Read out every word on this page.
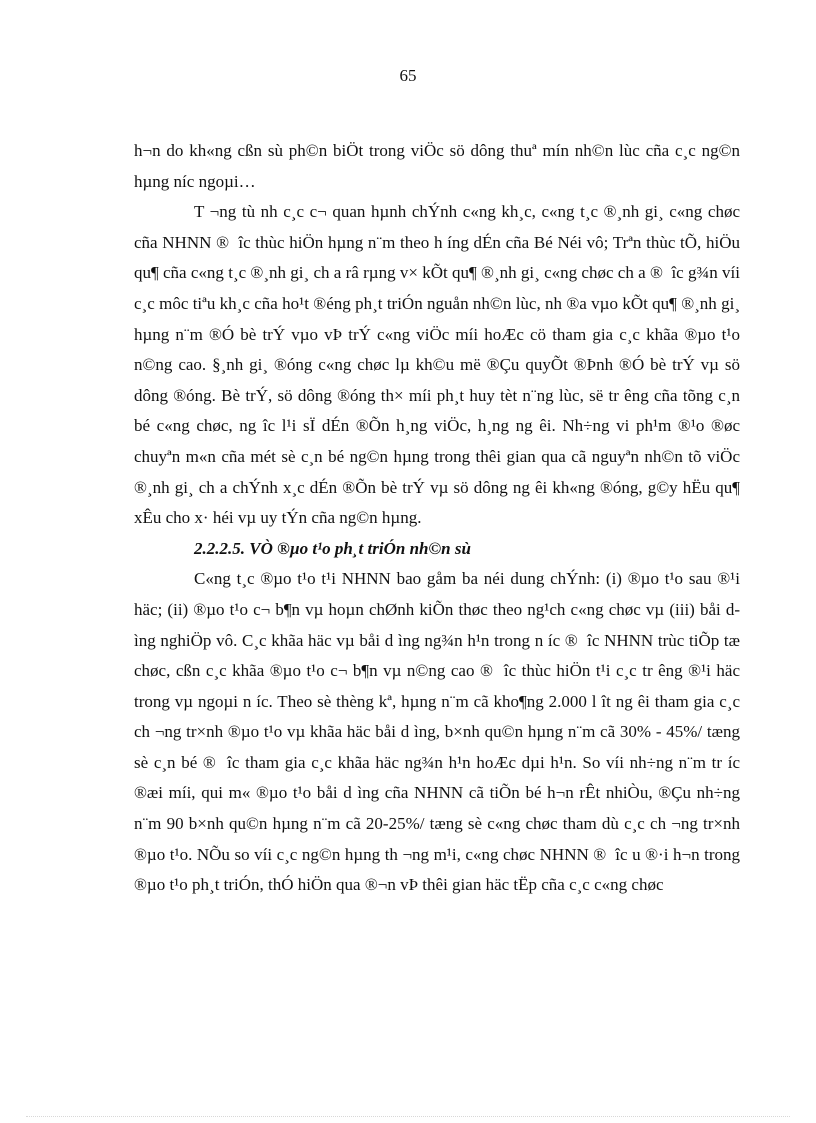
65

h¬n do kh«ng cßn sù ph©n biÖt trong viÖc sö dông thuª mín nh©n lùc cña c¸c ng©n hµng níc ngoµi…

T ¬ng tù nh c¸c c¬ quan hµnh chÝnh c«ng kh¸c, c«ng t¸c ®¸nh gi¸ c«ng chøc cña NHNN ® îc thùc hiÖn hµng n¨m theo h íng dÉn cña Bé Néi vô; Trªn thùc tÕ, hiÖu qu¶ cña c«ng t¸c ®¸nh gi¸ ch a râ rµng v× kÕt qu¶ ®¸nh gi¸ c«ng chøc ch a ® îc g¾n víi c¸c môc tiªu kh¸c cña ho¹t ®éng ph¸t triÓn nguån nh©n lùc, nh ®a vµo kÕt qu¶ ®¸nh gi¸ hµng n¨m ®Ó bè trÝ vµo vÞ trÝ c«ng viÖc míi hoÆc cö tham gia c¸c khãa ®µo t¹o n©ng cao. §¸nh gi¸ ®óng c«ng chøc lµ kh©u më ®Çu quyÕt ®Þnh ®Ó bè trÝ vµ sö dông ®óng. Bè trÝ, sö dông ®óng th× míi ph¸t huy tèt n¨ng lùc, së tr êng cña tõng c¸n bé c«ng chøc, ng îc l¹i sÏ dÉn ®Õn h¸ng viÖc, h¸ng ng êi. Nh÷ng vi ph¹m ®¹o ®øc chuyªn m«n cña mét sè c¸n bé ng©n hµng trong thêi gian qua cã nguyªn nh©n tõ viÖc ®¸nh gi¸ ch a chÝnh x¸c dÉn ®Õn bè trÝ vµ sö dông ng êi kh«ng ®óng, g©y hËu qu¶ xÊu cho x· héi vµ uy tÝn cña ng©n hµng.

2.2.2.5. VÒ ®µo t¹o ph¸t triÓn nh©n sù

C«ng t¸c ®µo t¹o t¹i NHNN bao gåm ba néi dung chÝnh: (i) ®µo t¹o sau ®¹i häc; (ii) ®µo t¹o c¬ b¶n vµ hoµn chØnh kiÕn thøc theo ng¹ch c«ng chøc vµ (iii) båi d ìng nghiÖp vô. C¸c khãa häc vµ båi d ìng ng¾n h¹n trong n íc ® îc NHNN trùc tiÕp tæ chøc, cßn c¸c khãa ®µo t¹o c¬ b¶n vµ n©ng cao ® îc thùc hiÖn t¹i c¸c tr êng ®¹i häc trong vµ ngoµi n íc. Theo sè thèng kª, hµng n¨m cã kho¶ng 2.000 l ît ng êi tham gia c¸c ch ¬ng tr×nh ®µo t¹o vµ khãa häc båi d ìng, b×nh qu©n hµng n¨m cã 30% - 45%/ tæng sè c¸n bé ® îc tham gia c¸c khãa häc ng¾n h¹n hoÆc dµi h¹n. So víi nh÷ng n¨m tr íc ®æi míi, qui m« ®µo t¹o båi d ìng cña NHNN cã tiÕn bé h¬n rÊt nhiÒu, ®Çu nh÷ng n¨m 90 b×nh qu©n hµng n¨m cã 20-25%/ tæng sè c«ng chøc tham dù c¸c ch ¬ng tr×nh ®µo t¹o. NÕu so víi c¸c ng©n hµng th ¬ng m¹i, c«ng chøc NHNN ® îc u ®·i h¬n trong ®µo t¹o ph¸t triÓn, thÓ hiÖn qua ®¬n vÞ thêi gian häc tËp cña c¸c c«ng chøc
